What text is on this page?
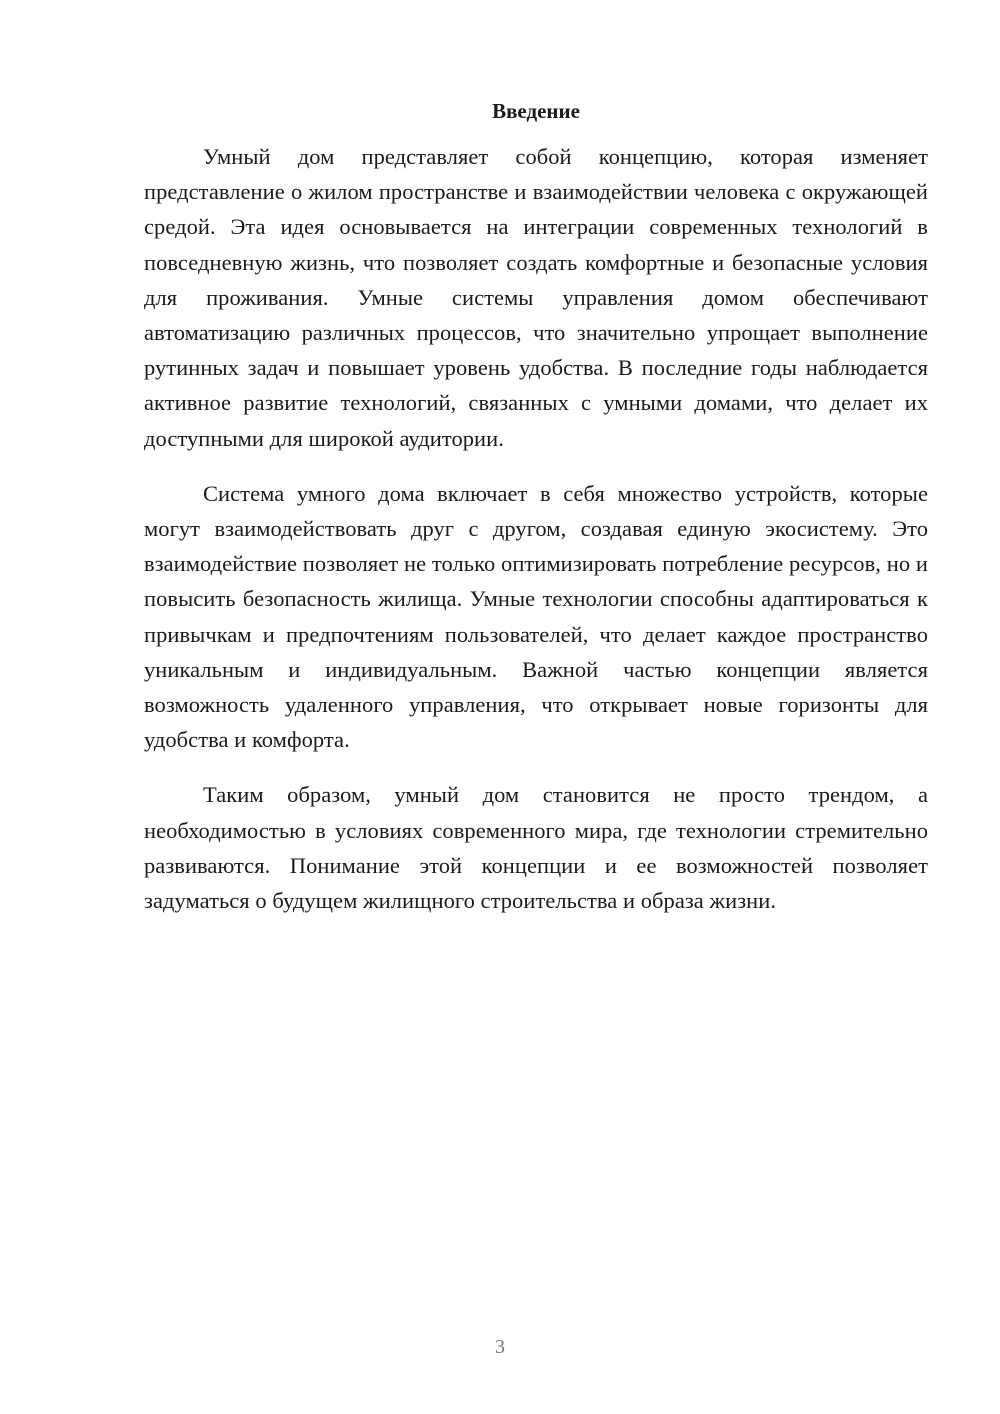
Введение

Умный дом представляет собой концепцию, которая изменяет представление о жилом пространстве и взаимодействии человека с окружающей средой. Эта идея основывается на интеграции современных технологий в повседневную жизнь, что позволяет создать комфортные и безопасные условия для проживания. Умные системы управления домом обеспечивают автоматизацию различных процессов, что значительно упрощает выполнение рутинных задач и повышает уровень удобства. В последние годы наблюдается активное развитие технологий, связанных с умными домами, что делает их доступными для широкой аудитории.

Система умного дома включает в себя множество устройств, которые могут взаимодействовать друг с другом, создавая единую экосистему. Это взаимодействие позволяет не только оптимизировать потребление ресурсов, но и повысить безопасность жилища. Умные технологии способны адаптироваться к привычкам и предпочтениям пользователей, что делает каждое пространство уникальным и индивидуальным. Важной частью концепции является возможность удаленного управления, что открывает новые горизонты для удобства и комфорта.

Таким образом, умный дом становится не просто трендом, а необходимостью в условиях современного мира, где технологии стремительно развиваются. Понимание этой концепции и ее возможностей позволяет задуматься о будущем жилищного строительства и образа жизни.

3
